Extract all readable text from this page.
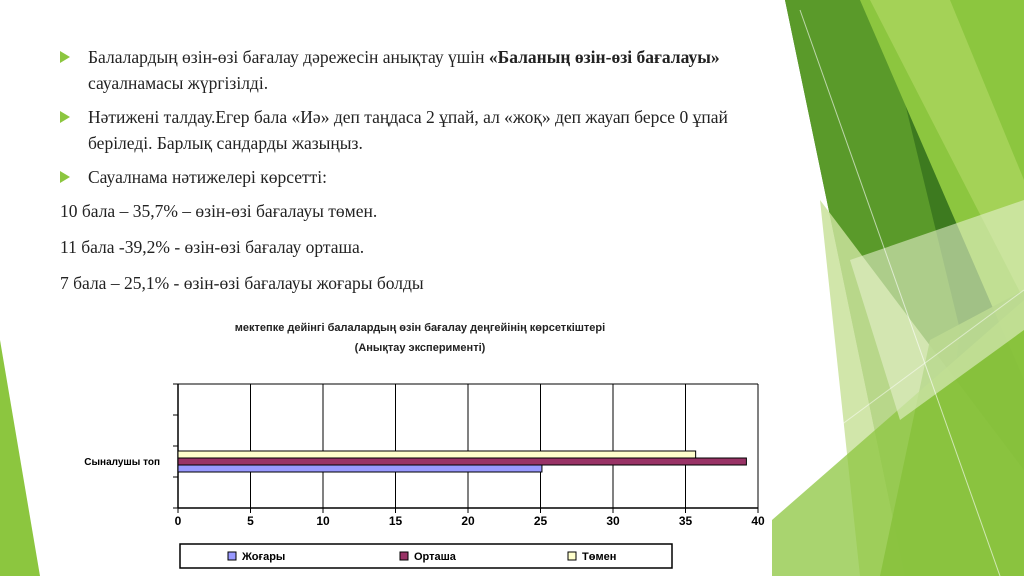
Балалардың өзін-өзі бағалау дәрежесін анықтау үшін «Баланың өзін-өзі бағалауы» сауалнамасы жүргізілді.
Нәтижені талдау.Егер бала «Иә» деп таңдаса 2 ұпай, ал «жоқ» деп жауап берсе 0 ұпай беріледі. Барлық сандарды жазыңыз.
Сауалнама нәтижелері көрсетті:
10 бала – 35,7% – өзін-өзі бағалауы төмен.
11 бала -39,2% - өзін-өзі бағалау орташа.
7 бала – 25,1% - өзін-өзі бағалауы жоғары болды
мектепке дейінгі балалардың өзін бағалау деңгейінің көрсеткіштері
(Анықтау эксперименті)
0	5	10	15	20	25	30	35	40
Сыналушы топ
Жоғары	Орташа	Төмен
